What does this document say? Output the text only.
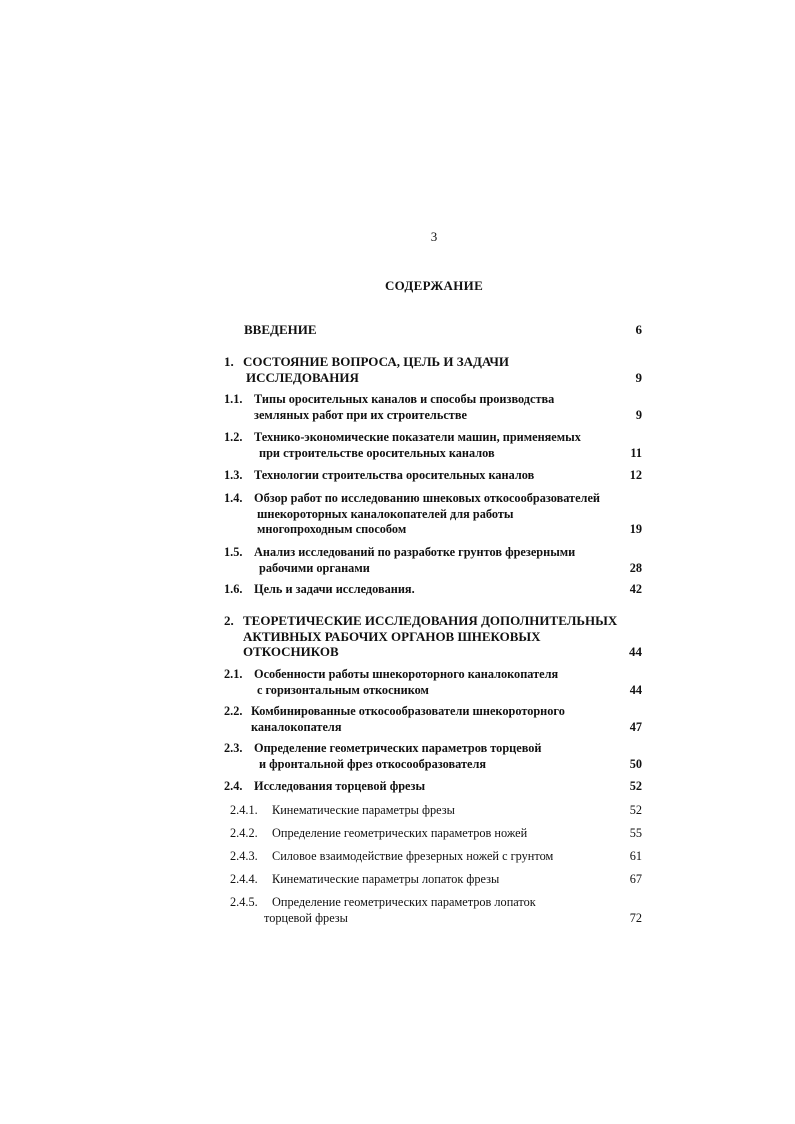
3
СОДЕРЖАНИЕ
ВВЕДЕНИЕ	6
1. СОСТОЯНИЕ ВОПРОСА, ЦЕЛЬ И ЗАДАЧИ
ИССЛЕДОВАНИЯ	9
1.1. Типы оросительных каналов и способы производства
земляных работ при их строительстве	9
1.2. Технико-экономические показатели машин, применяемых
при строительстве оросительных каналов	11
1.3. Технологии строительства оросительных каналов	12
1.4. Обзор работ по исследованию шнековых откосообразователей
шнекороторных каналокопателей для работы
многопроходным способом	19
1.5. Анализ исследований по разработке грунтов фрезерными
рабочими органами	28
1.6. Цель и задачи исследования.	42
2. ТЕОРЕТИЧЕСКИЕ ИССЛЕДОВАНИЯ ДОПОЛНИТЕЛЬНЫХ
АКТИВНЫХ РАБОЧИХ ОРГАНОВ ШНЕКОВЫХ
ОТКОСНИКОВ	44
2.1. Особенности работы шнекороторного каналокопателя
с горизонтальным откосником	44
2.2. Комбинированные откосообразователи шнекороторного
каналокопателя	47
2.3. Определение геометрических параметров торцевой
и фронтальной фрез откосообразователя	50
2.4. Исследования торцевой фрезы	52
2.4.1. Кинематические параметры фрезы	52
2.4.2. Определение геометрических параметров ножей	55
2.4.3. Силовое взаимодействие фрезерных ножей с грунтом	61
2.4.4. Кинематические параметры лопаток фрезы	67
2.4.5. Определение геометрических параметров лопаток
торцевой фрезы	72
